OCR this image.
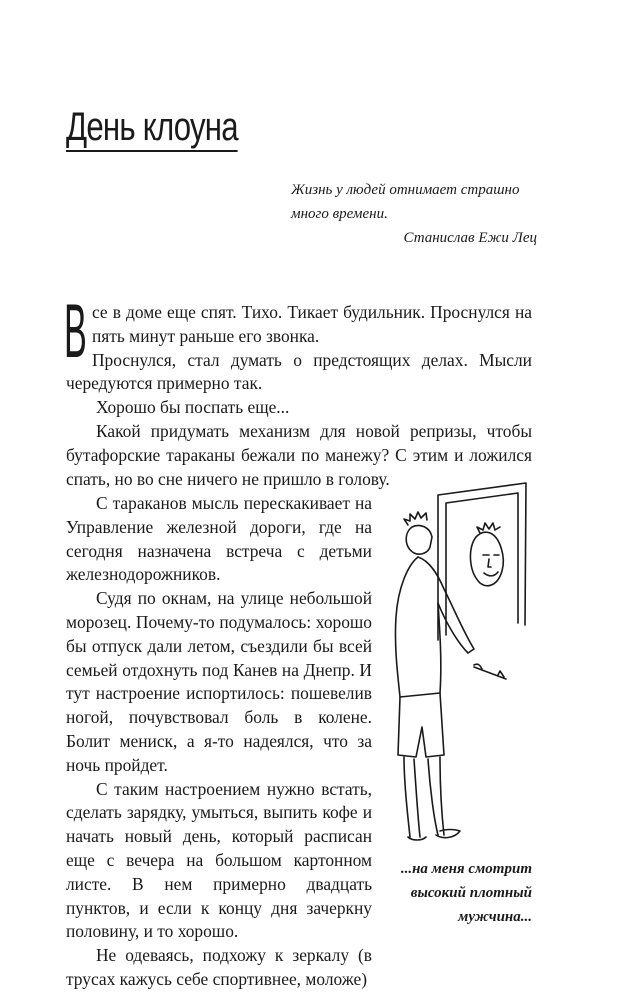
День клоуна
Жизнь у людей отнимает страшно много времени.
Станислав Ежи Лец

Все в доме еще спят. Тихо. Тикает будильник. Проснулся на пять минут раньше его звонка.

Проснулся, стал думать о предстоящих делах. Мысли чередуются примерно так.

Хорошо бы поспать еще...

Какой придумать механизм для новой репризы, чтобы бутафорские тараканы бежали по манежу? С этим и ложился спать, но во сне ничего не пришло в голову.

С тараканов мысль перескакивает на Управление железной дороги, где на сегодня назначена встреча с детьми железнодорожников.

Судя по окнам, на улице небольшой морозец. Почему-то подумалось: хорошо бы отпуск дали летом, съездили бы всей семьей отдохнуть под Канев на Днепр. И тут настроение испортилось: пошевелив ногой, почувствовал боль в колене. Болит мениск, а я-то надеялся, что за ночь пройдет.

С таким настроением нужно встать, сделать зарядку, умыться, выпить кофе и начать новый день, который расписан еще с вечера на большом картонном листе. В нем примерно двадцать пунктов, и если к концу дня зачеркну половину, и то хорошо.

Не одеваясь, подхожу к зеркалу (в трусах кажусь себе спортивнее, моложе)

...на меня смотрит высокий плотный мужчина...
